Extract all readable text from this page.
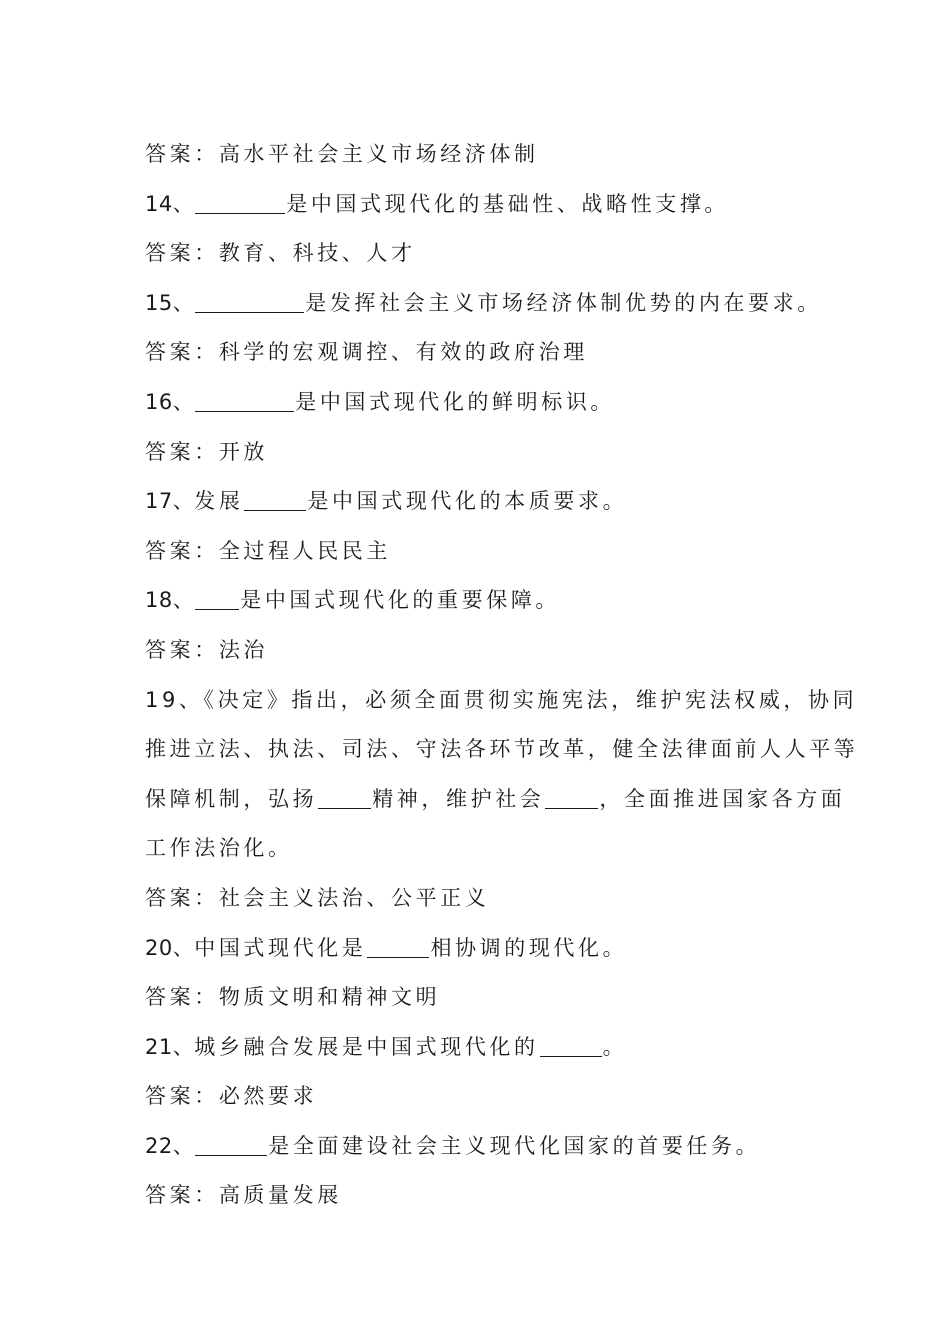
答案：高水平社会主义市场经济体制

14、	是中国式现代化的基础性、战略性支撑。

答案：教育、科技、人才

15、	是发挥社会主义市场经济体制优势的内在要求。

答案：科学的宏观调控、有效的政府治理

16、	是中国式现代化的鲜明标识。

答案：开放

17、发展	是中国式现代化的本质要求。

答案：全过程人民民主

18、 是中国式现代化的重要保障。

答案：法治

19、《决定》指出，必须全面贯彻实施宪法，维护宪法权威，协同

推进立法、执法、司法、守法各环节改革，健全法律面前人人平等

保障机制，弘扬	精神，维护社会	，全面推进国家各方面

工作法治化。

答案：社会主义法治、公平正义

20、中国式现代化是	相协调的现代化。

答案：物质文明和精神文明

21、城乡融合发展是中国式现代化的	。

答案：必然要求

22、	是全面建设社会主义现代化国家的首要任务。

答案：高质量发展
